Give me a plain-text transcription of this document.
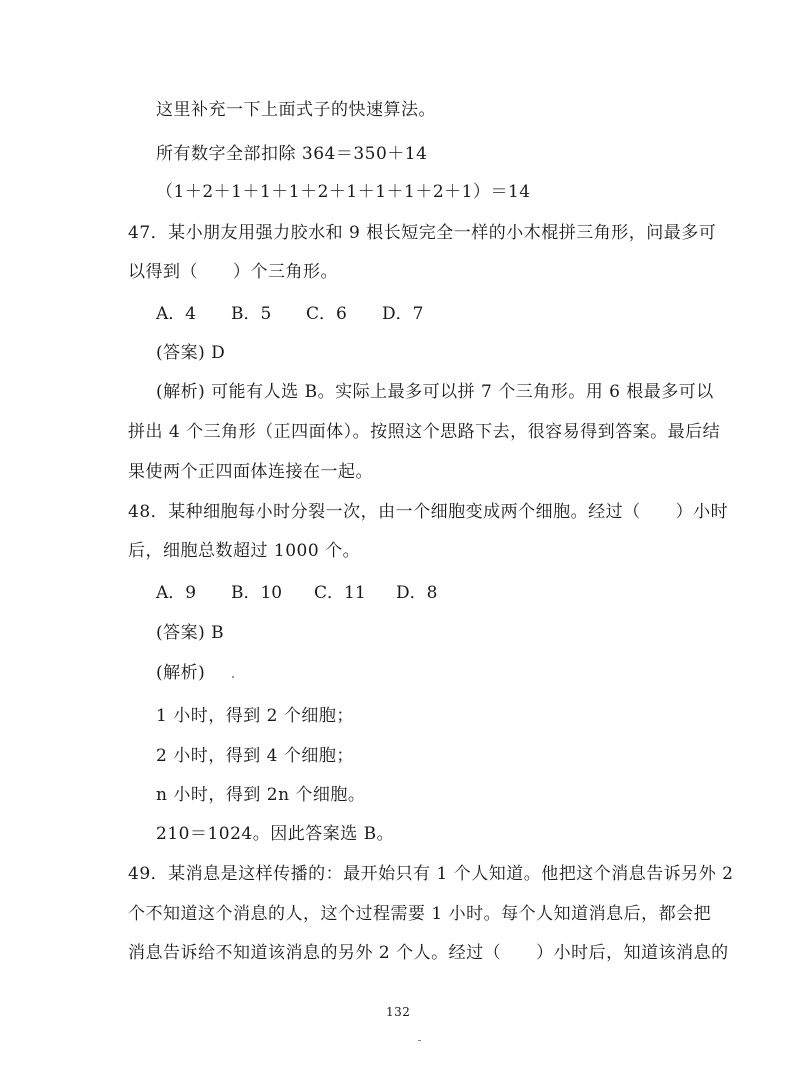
这里补充一下上面式子的快速算法。
所有数字全部扣除 364＝350＋14
（1＋2＋1＋1＋1＋2＋1＋1＋1＋2＋1）＝14
47．某小朋友用强力胶水和 9 根长短完全一样的小木棍拼三角形，问最多可
以得到（　　）个三角形。
A．4 B．5 C．6 D．7
(答案) D
(解析) 可能有人选 B。实际上最多可以拼 7 个三角形。用 6 根最多可以
拼出 4 个三角形（正四面体）。按照这个思路下去，很容易得到答案。最后结
果使两个正四面体连接在一起。
48．某种细胞每小时分裂一次，由一个细胞变成两个细胞。经过（　　）小时
后，细胞总数超过 1000 个。
A．9 B．10 C．11 D．8
(答案) B
(解析)
1 小时，得到 2 个细胞；
2 小时，得到 4 个细胞；
n 小时，得到 2n 个细胞。
210＝1024。因此答案选 B。
49．某消息是这样传播的：最开始只有 1 个人知道。他把这个消息告诉另外 2
个不知道这个消息的人，这个过程需要 1 小时。每个人知道消息后，都会把
消息告诉给不知道该消息的另外 2 个人。经过（　　）小时后，知道该消息的
132
